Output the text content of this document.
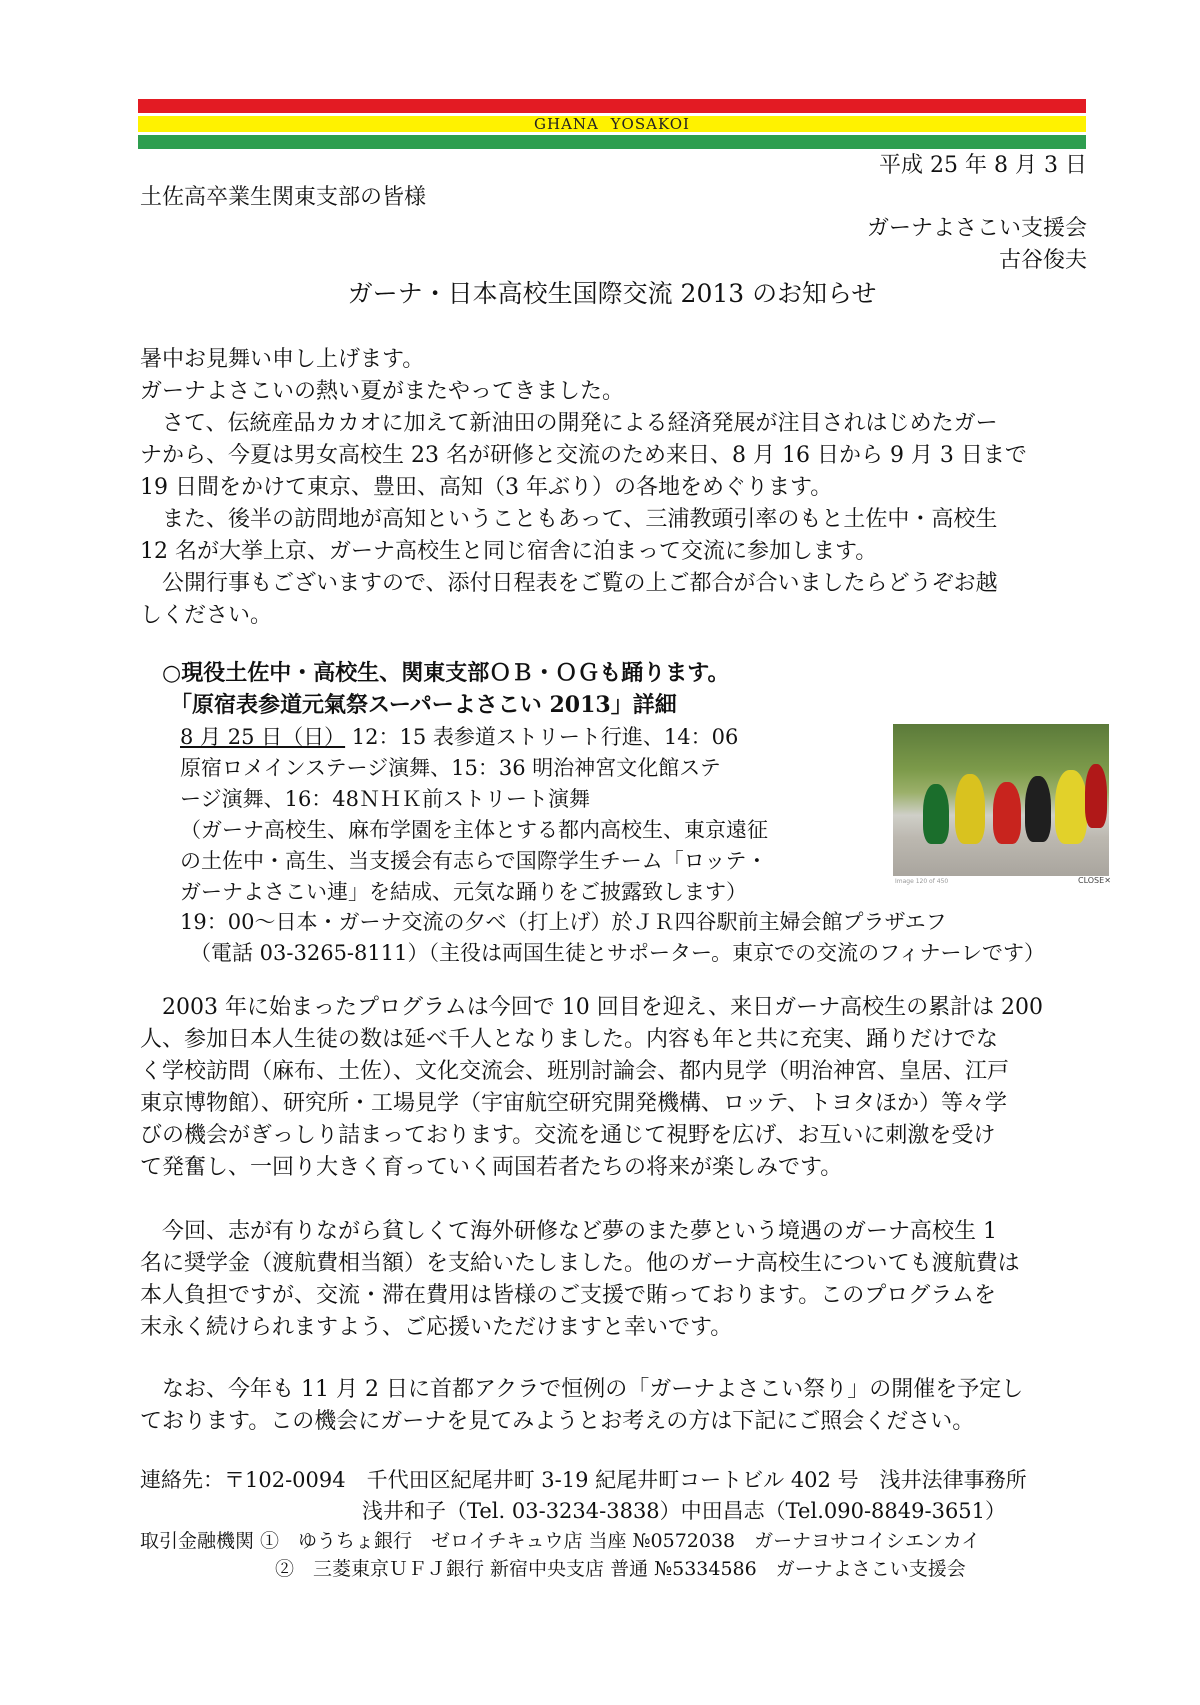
GHANA YOSAKOI
平成 25 年 8 月 3 日
土佐高卒業生関東支部の皆様
ガーナよさこい支援会
古谷俊夫
ガーナ・日本高校生国際交流 2013 のお知らせ
暑中お見舞い申し上げます。
ガーナよさこいの熱い夏がまたやってきました。
　さて、伝統産品カカオに加えて新油田の開発による経済発展が注目されはじめたガー
ナから、今夏は男女高校生 23 名が研修と交流のため来日、8 月 16 日から 9 月 3 日まで
19 日間をかけて東京、豊田、高知（3 年ぶり）の各地をめぐります。
　また、後半の訪問地が高知ということもあって、三浦教頭引率のもと土佐中・高校生
12 名が大挙上京、ガーナ高校生と同じ宿舎に泊まって交流に参加します。
　公開行事もございますので、添付日程表をご覧の上ご都合が合いましたらどうぞお越
しください。
○現役土佐中・高校生、関東支部ＯＢ・ＯＧも踊ります。
「原宿表参道元氣祭スーパーよさこい 2013」詳細
8 月 25 日（日） 12：15 表参道ストリート行進、14：06
原宿ロメインステージ演舞、15：36 明治神宮文化館ステ
ージ演舞、16：48ＮＨＫ前ストリート演舞
（ガーナ高校生、麻布学園を主体とする都内高校生、東京遠征
の土佐中・高生、当支援会有志らで国際学生チーム「ロッテ・
ガーナよさこい連」を結成、元気な踊りをご披露致します）
19：00～日本・ガーナ交流の夕べ（打上げ）於ＪＲ四谷駅前主婦会館プラザエフ
（電話 03-3265-8111）（主役は両国生徒とサポーター。東京での交流のフィナーレです）
Image 120 of 450	CLOSE✕
　2003 年に始まったプログラムは今回で 10 回目を迎え、来日ガーナ高校生の累計は 200
人、参加日本人生徒の数は延べ千人となりました。内容も年と共に充実、踊りだけでな
く学校訪問（麻布、土佐）、文化交流会、班別討論会、都内見学（明治神宮、皇居、江戸
東京博物館）、研究所・工場見学（宇宙航空研究開発機構、ロッテ、トヨタほか）等々学
びの機会がぎっしり詰まっております。交流を通じて視野を広げ、お互いに刺激を受け
て発奮し、一回り大きく育っていく両国若者たちの将来が楽しみです。
　今回、志が有りながら貧しくて海外研修など夢のまた夢という境遇のガーナ高校生 1
名に奨学金（渡航費相当額）を支給いたしました。他のガーナ高校生についても渡航費は
本人負担ですが、交流・滞在費用は皆様のご支援で賄っております。このプログラムを
末永く続けられますよう、ご応援いただけますと幸いです。
　なお、今年も 11 月 2 日に首都アクラで恒例の「ガーナよさこい祭り」の開催を予定し
ております。この機会にガーナを見てみようとお考えの方は下記にご照会ください。
連絡先：〒102-0094　千代田区紀尾井町 3-19 紀尾井町コートビル 402 号　浅井法律事務所
浅井和子（Tel. 03-3234-3838）中田昌志（Tel.090-8849-3651）
取引金融機関 ①　ゆうちょ銀行　ゼロイチキュウ店 当座 №0572038　ガーナヨサコイシエンカイ
②　三菱東京ＵＦＪ銀行 新宿中央支店 普通 №5334586　ガーナよさこい支援会
